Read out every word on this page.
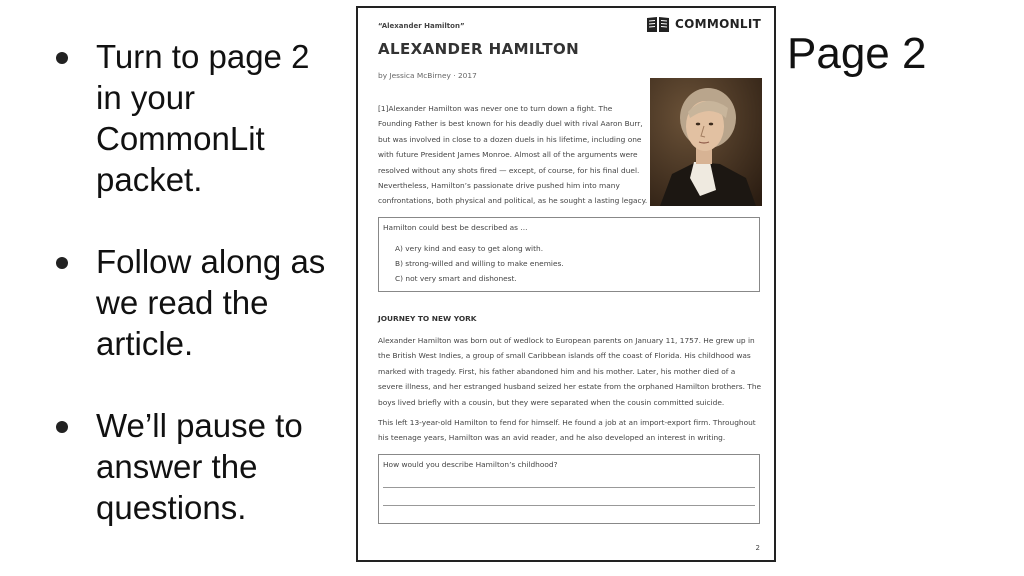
Turn to page 2 in your CommonLit packet.
Follow along as we read the article.
We’ll pause to answer the questions.
Page 2
“Alexander Hamilton”	COMMONLIT
ALEXANDER HAMILTON
by Jessica McBirney · 2017

[1]Alexander Hamilton was never one to turn down a fight. The Founding Father is best known for his deadly duel with rival Aaron Burr, but was involved in close to a dozen duels in his lifetime, including one with future President James Monroe. Almost all of the arguments were resolved without any shots fired — except, of course, for his final duel. Nevertheless, Hamilton’s passionate drive pushed him into many confrontations, both physical and political, as he sought a lasting legacy.

Hamilton could best be described as ...
A) very kind and easy to get along with.
B) strong-willed and willing to make enemies.
C) not very smart and dishonest.
JOURNEY TO NEW YORK

Alexander Hamilton was born out of wedlock to European parents on January 11, 1757. He grew up in the British West Indies, a group of small Caribbean islands off the coast of Florida. His childhood was marked with tragedy. First, his father abandoned him and his mother. Later, his mother died of a severe illness, and her estranged husband seized her estate from the orphaned Hamilton brothers. The boys lived briefly with a cousin, but they were separated when the cousin committed suicide.

This left 13-year-old Hamilton to fend for himself. He found a job at an import-export firm. Throughout his teenage years, Hamilton was an avid reader, and he also developed an interest in writing.

How would you describe Hamilton’s childhood?
2
